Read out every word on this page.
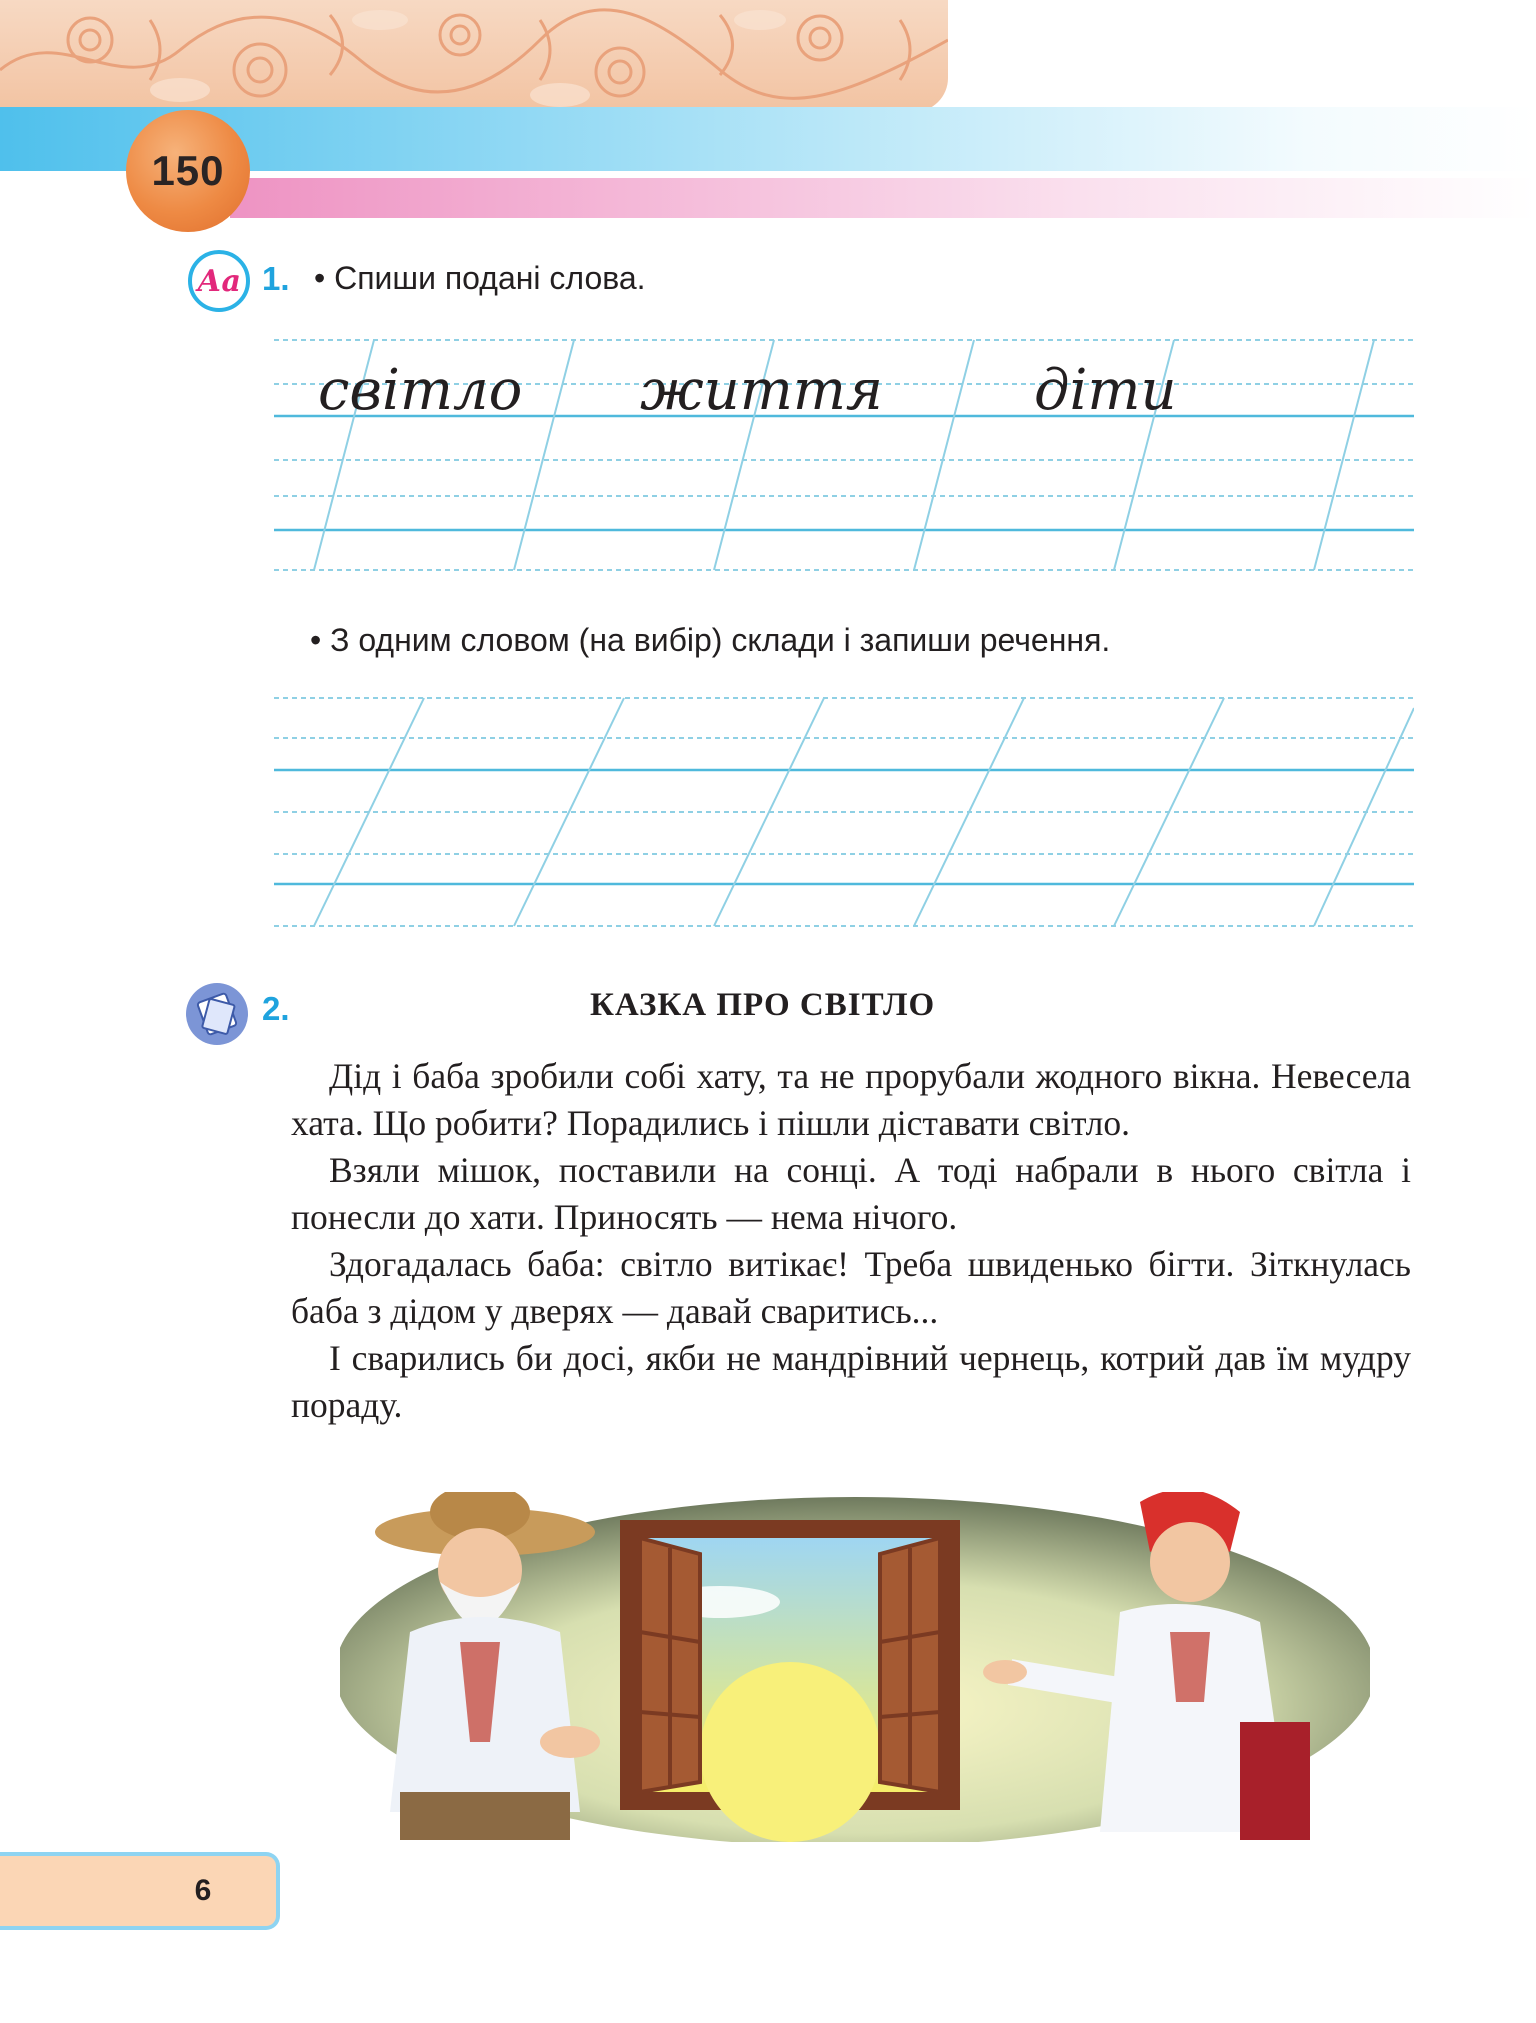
150
Аа 1. • Спиши подані слова.
світло життя	діти
• З одним словом (на вибір) склади і запиши речення.
2.	КАЗКА ПРО СВІТЛО

Дід і баба зробили собі хату, та не прорубали жодного вікна. Невесела хата. Що робити? Порадились і пішли діставати світло.

Взяли мішок, поставили на сонці. А тоді набрали в нього світла і понесли до хати. Приносять — нема нічого.

Здогадалась баба: світло витікає! Треба швиденько бігти. Зіткнулась баба з дідом у дверях — давай сваритись...

І сварились би досі, якби не мандрівний чернець, котрий дав їм мудру пораду.

6
